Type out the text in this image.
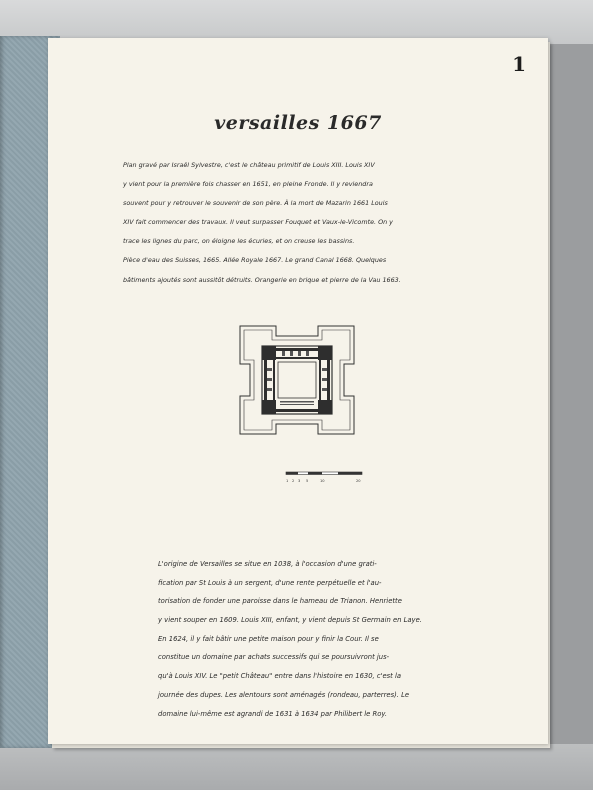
1
versailles 1667
Plan gravé par Israël Sylvestre, c'est le château primitif de Louis XIII. Louis XIV
y vient pour la première fois chasser en 1651, en pleine Fronde. Il y reviendra
souvent pour y retrouver le souvenir de son père. À la mort de Mazarin 1661 Louis
XIV fait commencer des travaux. Il veut surpasser Fouquet et Vaux-le-Vicomte. On y
trace les lignes du parc, on éloigne les écuries, et on creuse les bassins.
Pièce d'eau des Suisses, 1665. Allée Royale 1667. Le grand Canal 1668. Quelques
bâtiments ajoutés sont aussitôt détruits. Orangerie en brique et pierre de la Vau 1663.
1 2 3 5	10	20
L'origine de Versailles se situe en 1038, à l'occasion d'une grati-
fication par St Louis à un sergent, d'une rente perpétuelle et l'au-
torisation de fonder une paroisse dans le hameau de Trianon. Henriette
y vient souper en 1609. Louis XIII, enfant, y vient depuis St Germain en Laye.
En 1624, il y fait bâtir une petite maison pour y finir la Cour. Il se
constitue un domaine par achats successifs qui se poursuivront jus-
qu'à Louis XIV. Le "petit Château" entre dans l'histoire en 1630, c'est la
journée des dupes. Les alentours sont aménagés (rondeau, parterres). Le
domaine lui-même est agrandi de 1631 à 1634 par Philibert le Roy.
